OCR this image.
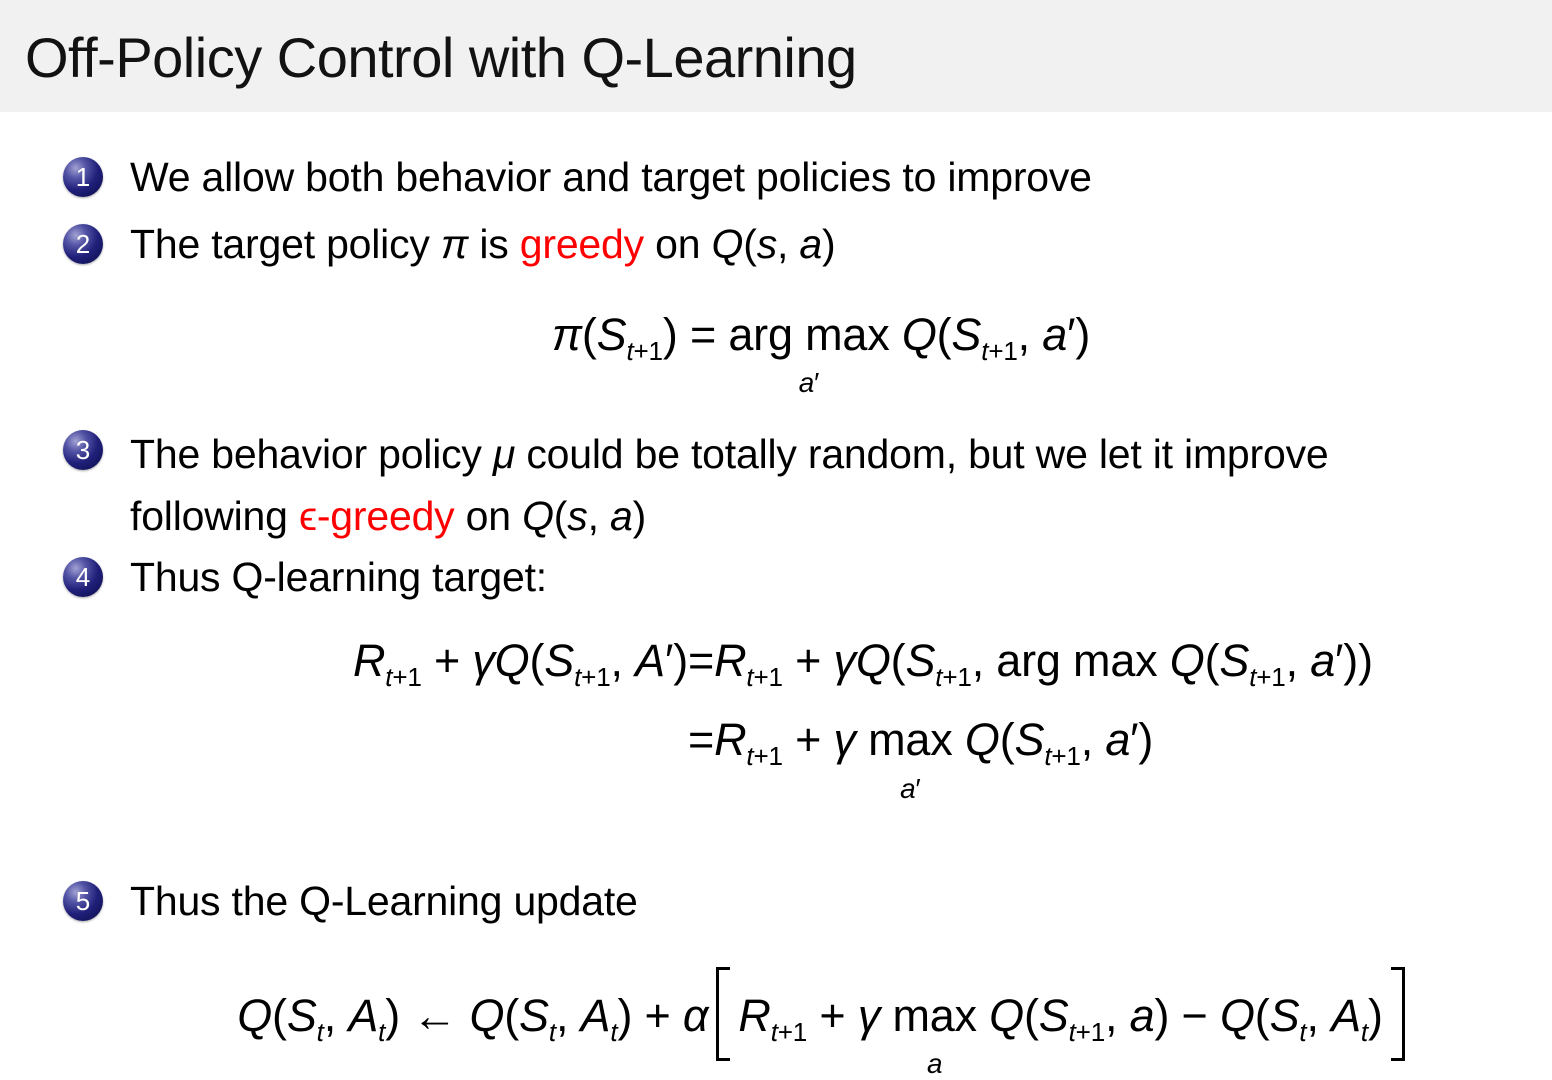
Off-Policy Control with Q-Learning
1 We allow both behavior and target policies to improve
2 The target policy π is greedy on Q(s, a)
$\pi(S_{t+1})$ = arg max
a′
$Q(S_{t+1}$, a′)
3 The behavior policy μ could be totally random, but we let it improve
following ϵ-greedy on Q(s, a)
4 Thus Q-learning target:
$R_{t+1} + \gamma Q(S_{t+1}$, $A') =R_{t+1} + \gamma Q(S_{t+1}$, arg $\max Q(S_{t+1}$, a′))
$=R_{t+1} + \gamma$ max
a′
$Q(S_{t+1}$, a′)
5 Thus the Q-Learning update
$Q(S_t$, $A_t$) ← $Q(S_t$, $A_t) + \alpha$ $R_{t+1} + \gamma$ max
a
$Q(S_{t+1}$, $a) - Q(S_t$, $A_t$)
